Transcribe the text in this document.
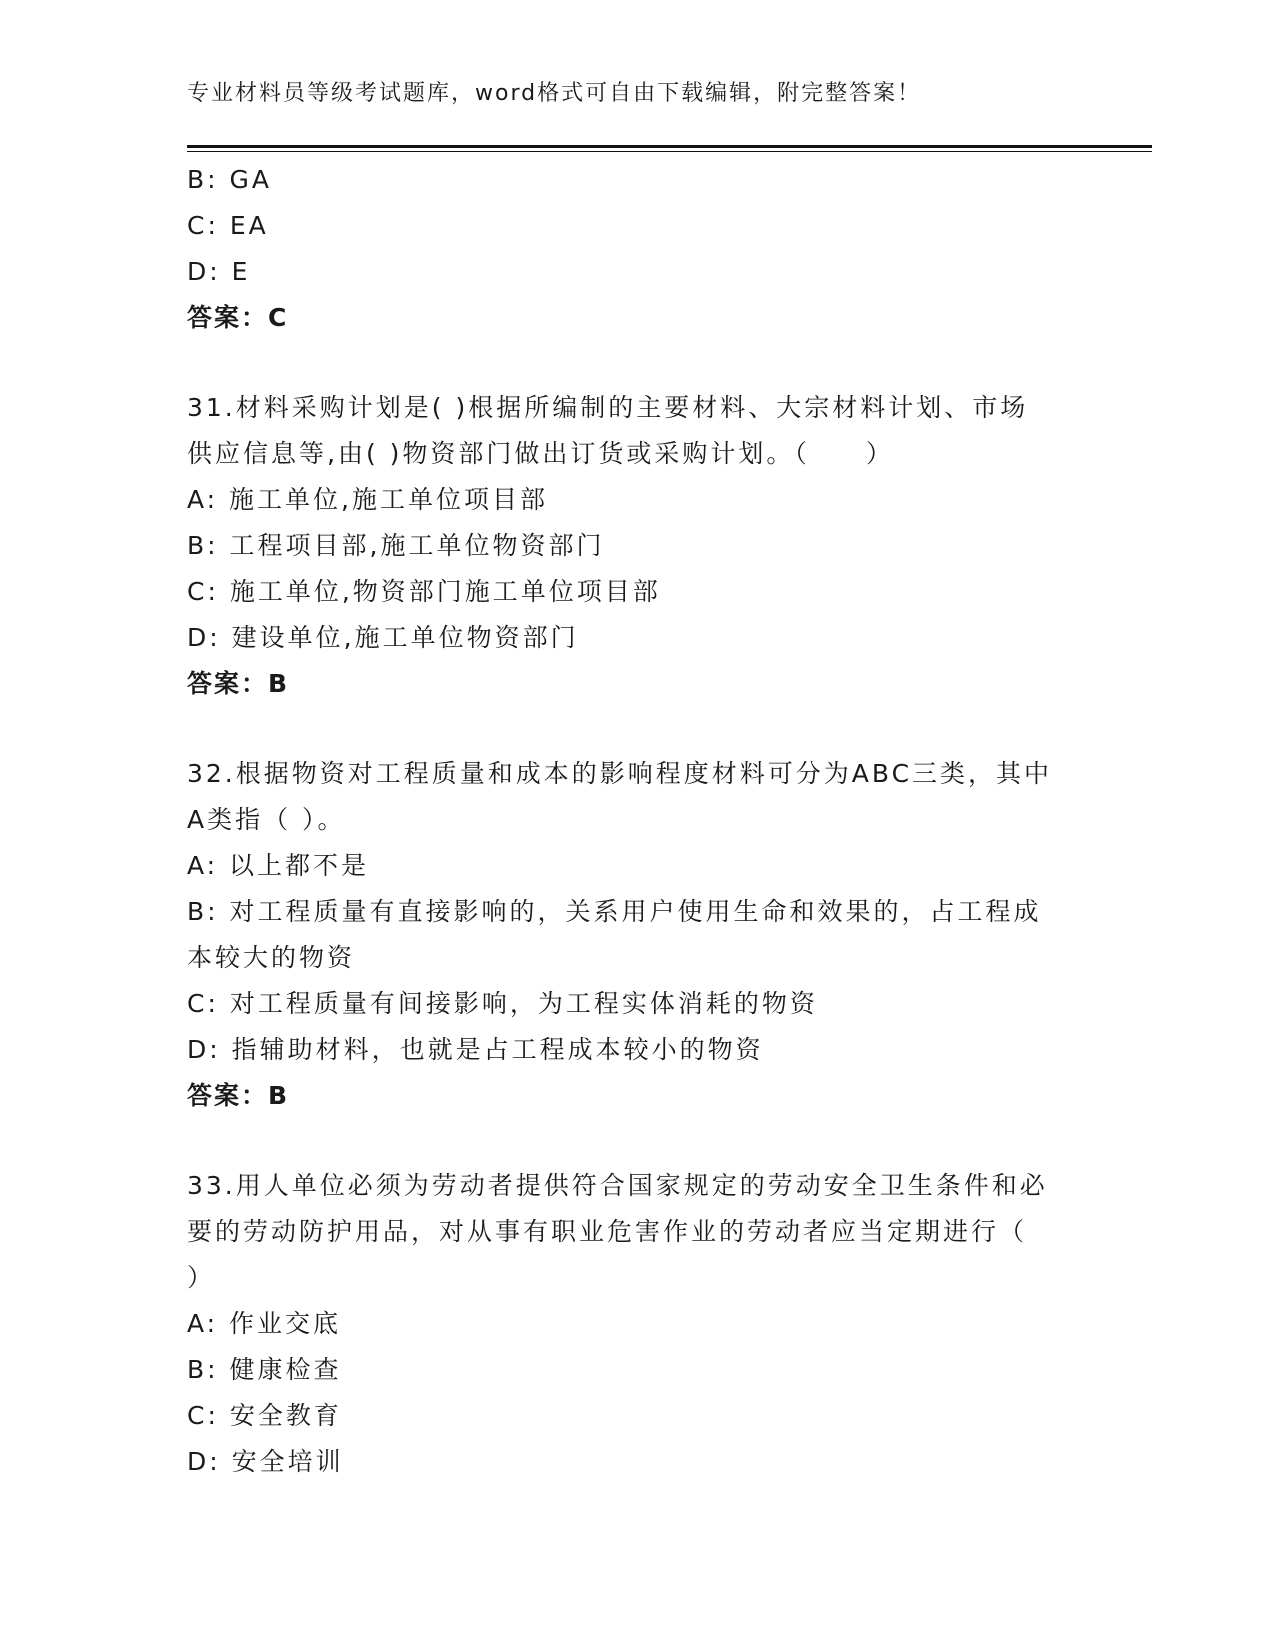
专业材料员等级考试题库，word格式可自由下载编辑，附完整答案！
B: GA
C: EA
D: E
答案：C
31.材料采购计划是( )根据所编制的主要材料、大宗材料计划、市场
供应信息等,由( )物资部门做出订货或采购计划。（　　）
A: 施工单位,施工单位项目部
B: 工程项目部,施工单位物资部门
C: 施工单位,物资部门施工单位项目部
D: 建设单位,施工单位物资部门
答案：B
32.根据物资对工程质量和成本的影响程度材料可分为ABC三类，其中
A类指（ ）。
A: 以上都不是
B: 对工程质量有直接影响的，关系用户使用生命和效果的，占工程成
本较大的物资
C: 对工程质量有间接影响，为工程实体消耗的物资
D: 指辅助材料，也就是占工程成本较小的物资
答案：B
33.用人单位必须为劳动者提供符合国家规定的劳动安全卫生条件和必
要的劳动防护用品，对从事有职业危害作业的劳动者应当定期进行（
）
A: 作业交底
B: 健康检查
C: 安全教育
D: 安全培训
